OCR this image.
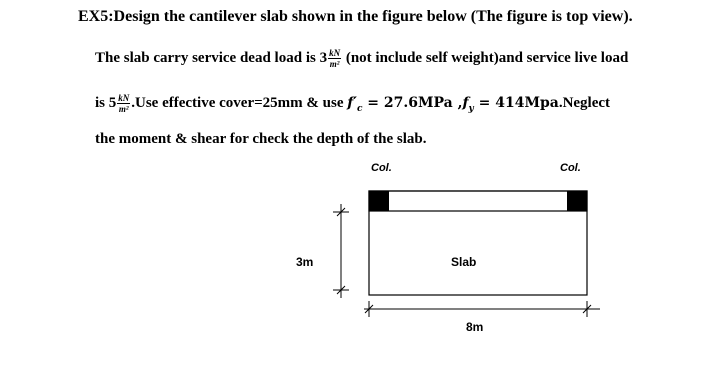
EX5:Design the cantilever slab shown in the figure below (The figure is top view).
The slab carry service dead load is $3 \frac{kN}{\text{m²}} (not$ include self weight)and service live load
is $5 \frac{kN}{\text{m²}} .Use$ effective cover=25mm & use $f'_c = 27.6MPa$ $,f_y$ = 414Mpa.Neglect
the moment & shear for check the depth of the slab.
Col.	Col.
Slab
3m
8m
